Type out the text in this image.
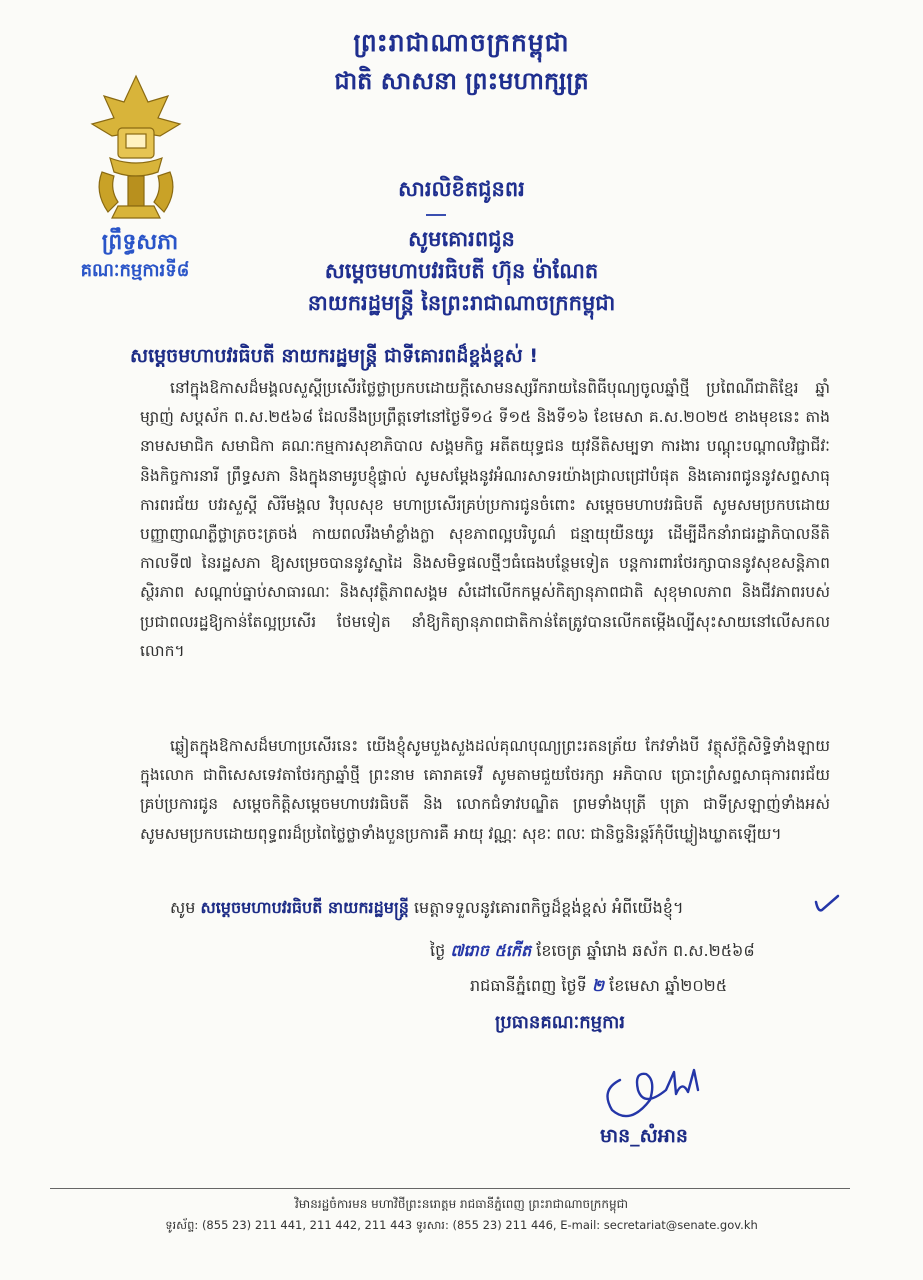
ព្រះរាជាណាចក្រកម្ពុជា
ជាតិ សាសនា ព្រះមហាក្សត្រ
ព្រឹទ្ធសភា
គណៈកម្មការទី៨
សារលិខិតជូនពរ
សូមគោរពជូន
សម្ដេចមហាបវរធិបតី ហ៊ុន ម៉ាណែត
នាយករដ្ឋមន្ត្រី នៃព្រះរាជាណាចក្រកម្ពុជា
សម្ដេចមហាបវរធិបតី នាយករដ្ឋមន្ត្រី ជាទីគោរពដ៏ខ្ពង់ខ្ពស់ !

នៅក្នុងឱកាសដ៏មង្គលសួស្ដីប្រសើរថ្លៃថ្លាប្រកបដោយក្ដីសោមនស្សរីករាយនៃពិធីបុណ្យចូលឆ្នាំថ្មី ប្រពៃណីជាតិខ្មែរ ឆ្នាំម្សាញ់ សប្ដស័ក ព.ស.២៥៦៨ ដែលនឹងប្រព្រឹត្តទៅនៅថ្ងៃទី១៤ ទី១៥ និងទី១៦ ខែមេសា គ.ស.២០២៥ ខាងមុខនេះ តាងនាមសមាជិក សមាជិកា គណៈកម្មការសុខាភិបាល សង្គមកិច្ច អតីតយុទ្ធជន យុវនីតិសម្បទា ការងារ បណ្ដុះបណ្ដាលវិជ្ជាជីវៈ និងកិច្ចការនារី ព្រឹទ្ធសភា និងក្នុងនាមរូបខ្ញុំផ្ទាល់ សូមសម្ដែងនូវអំណរសាទរយ៉ាងជ្រាលជ្រៅបំផុត និងគោរពជូននូវសព្ទសាធុការពរជ័យ បវរសួស្ដី សិរីមង្គល វិបុលសុខ មហាប្រសើរគ្រប់ប្រការជូនចំពោះ សម្ដេចមហាបវរធិបតី សូមសមប្រកបដោយបញ្ញាញាណភ្លឺថ្លាត្រចះត្រចង់ កាយពលរឹងមាំខ្លាំងក្លា សុខភាពល្អបរិបូណ៌ ជន្មាយុយឺនយូរ ដើម្បីដឹកនាំរាជរដ្ឋាភិបាលនីតិកាលទី៧ នៃរដ្ឋសភា ឱ្យសម្រេចបាននូវស្នាដៃ និងសមិទ្ធផលថ្មីៗធំធេងបន្ថែមទៀត បន្តការពារថែរក្សាបាននូវសុខសន្តិភាព ស្ថិរភាព សណ្ដាប់ធ្នាប់សាធារណៈ និងសុវត្ថិភាពសង្គម សំដៅលើកកម្ពស់កិត្យានុភាពជាតិ សុខុមាលភាព និងជីវភាពរបស់ប្រជាពលរដ្ឋឱ្យកាន់តែល្អប្រសើរ ថែមទៀត នាំឱ្យកិត្យានុភាពជាតិកាន់តែត្រូវបានលើកតម្កើងល្បីសុះសាយនៅលើសកលលោក។

ឆ្លៀតក្នុងឱកាសដ៏មហាប្រសើរនេះ យើងខ្ញុំសូមបួងសួងដល់គុណបុណ្យព្រះរតនត្រ័យ កែវទាំងបី វត្ថុស័ក្ដិសិទ្ធិទាំងឡាយក្នុងលោក ជាពិសេសទេវតាថែរក្សាឆ្នាំថ្មី ព្រះនាម គោរាគទេវី សូមតាមជួយថែរក្សា អភិបាល ប្រោះព្រំសព្ទសាធុការពរជ័យគ្រប់ប្រការជូន សម្ដេចកិត្តិសម្ដេចមហាបវរធិបតី និង លោកជំទាវបណ្ឌិត ព្រមទាំងបុត្រី បុត្រា ជាទីស្រឡាញ់ទាំងអស់ សូមសមប្រកបដោយពុទ្ធពរដ៏ប្រពៃថ្លៃថ្លាទាំងបួនប្រការគឺ អាយុ វណ្ណៈ សុខៈ ពលៈ ជានិច្ចនិរន្តរ៍កុំបីឃ្លៀងឃ្លាតឡើយ។

សូម សម្ដេចមហាបវរធិបតី នាយករដ្ឋមន្ត្រី មេត្តាទទួលនូវគោរពកិច្ចដ៏ខ្ពង់ខ្ពស់ អំពីយើងខ្ញុំ។
ថ្ងៃ ៧រោច ៥កើត ខែចេត្រ ឆ្នាំរោង ឆស័ក ព.ស.២៥៦៨
រាជធានីភ្នំពេញ ថ្ងៃទី ២ ខែមេសា ឆ្នាំ២០២៥
ប្រធានគណៈកម្មការ
មាន_សំអាន
វិមានរដ្ឋចំការមន មហាវិថីព្រះនរោត្តម រាជធានីភ្នំពេញ ព្រះរាជាណាចក្រកម្ពុជា
ទូរស័ព្ទ: (855 23) 211 441, 211 442, 211 443 ទូរសារ: (855 23) 211 446, E-mail: secretariat@senate.gov.kh
